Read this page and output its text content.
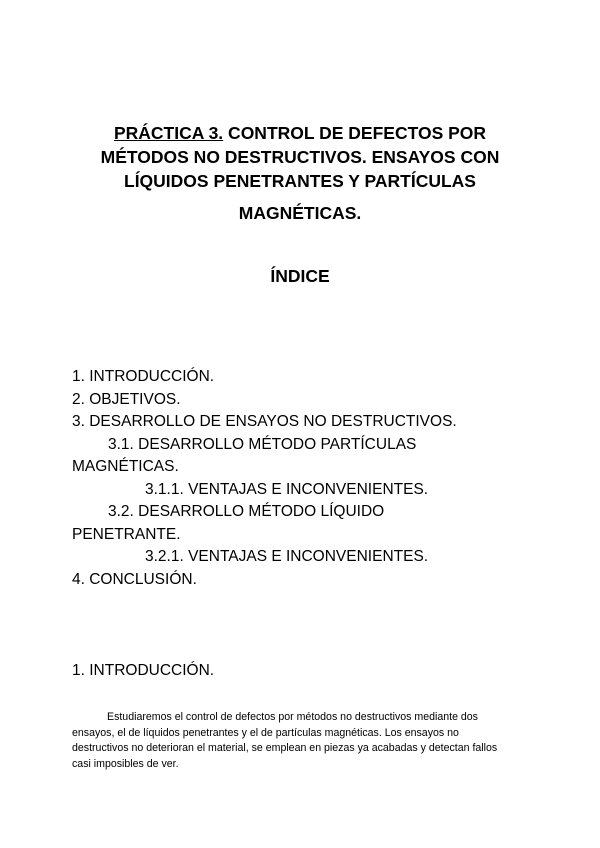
PRÁCTICA 3. CONTROL DE DEFECTOS POR
MÉTODOS NO DESTRUCTIVOS. ENSAYOS CON
LÍQUIDOS PENETRANTES Y PARTÍCULAS
MAGNÉTICAS.
ÍNDICE
1. INTRODUCCIÓN.
2. OBJETIVOS.
3. DESARROLLO DE ENSAYOS NO DESTRUCTIVOS.
3.1. DESARROLLO MÉTODO PARTÍCULAS
MAGNÉTICAS.
3.1.1. VENTAJAS E INCONVENIENTES.
3.2. DESARROLLO MÉTODO LÍQUIDO
PENETRANTE.
3.2.1. VENTAJAS E INCONVENIENTES.
4. CONCLUSIÓN.
1. INTRODUCCIÓN.

Estudiaremos el control de defectos por métodos no destructivos mediante dos
ensayos, el de líquidos penetrantes y el de partículas magnéticas. Los ensayos no
destructivos no deterioran el material, se emplean en piezas ya acabadas y detectan fallos
casi imposibles de ver.
